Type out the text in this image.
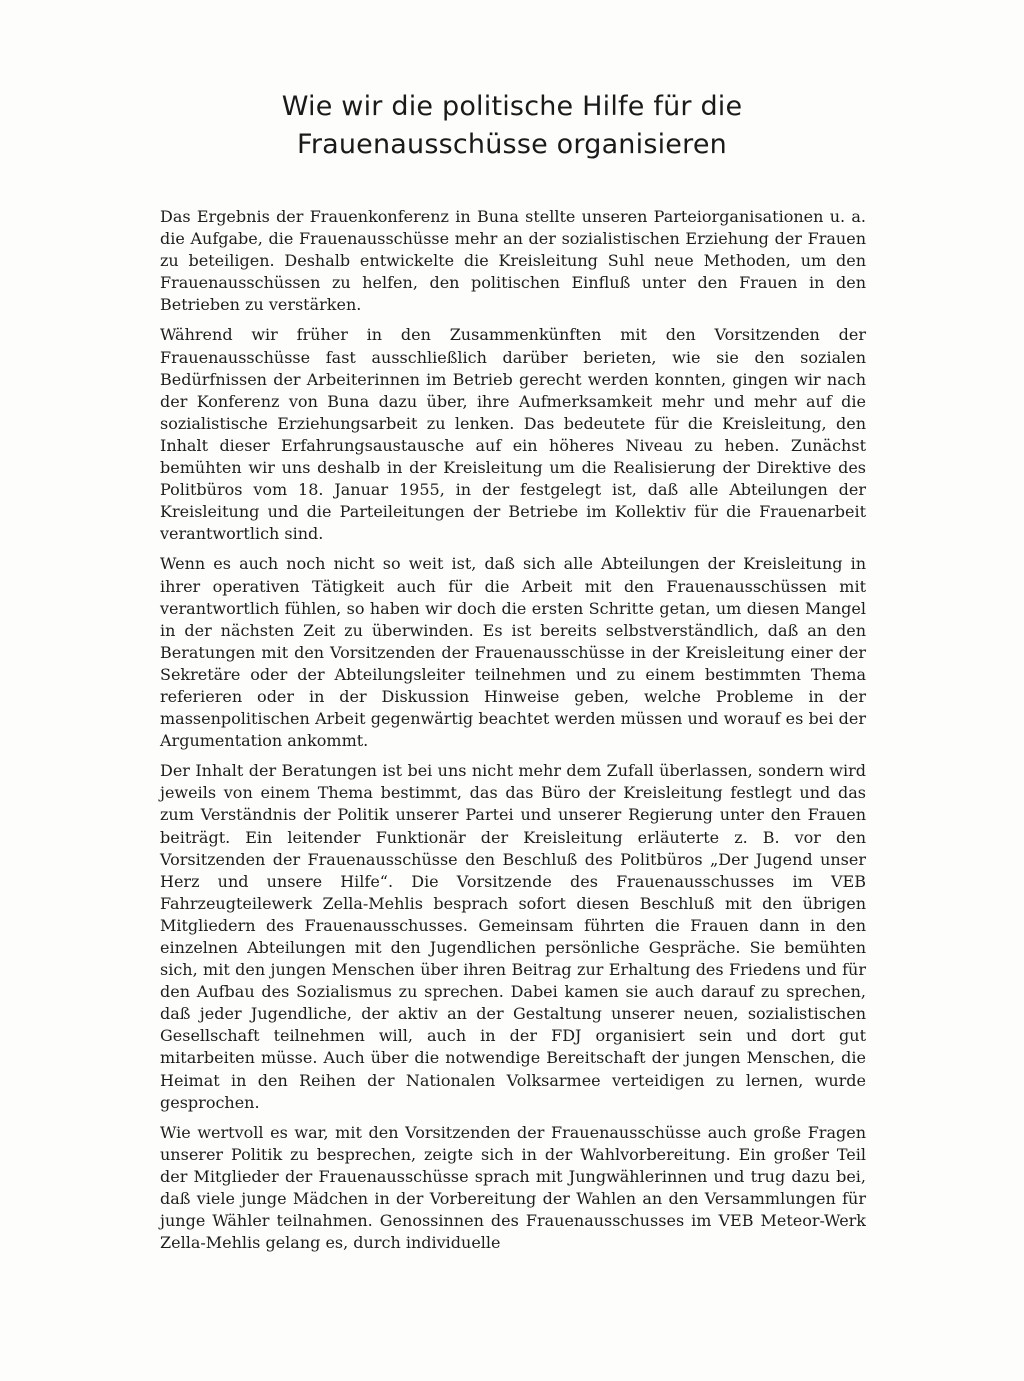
Wie wir die politische Hilfe für die
Frauenausschüsse organisieren

Das Ergebnis der Frauenkonferenz in Buna stellte unseren Parteiorganisationen u. a. die Aufgabe, die Frauenausschüsse mehr an der sozialistischen Erziehung der Frauen zu beteiligen. Deshalb entwickelte die Kreisleitung Suhl neue Methoden, um den Frauenausschüssen zu helfen, den politischen Einfluß unter den Frauen in den Betrieben zu verstärken.

Während wir früher in den Zusammenkünften mit den Vorsitzenden der Frauenausschüsse fast ausschließlich darüber berieten, wie sie den sozialen Bedürfnissen der Arbeiterinnen im Betrieb gerecht werden konnten, gingen wir nach der Konferenz von Buna dazu über, ihre Aufmerksamkeit mehr und mehr auf die sozialistische Erziehungsarbeit zu lenken. Das bedeutete für die Kreisleitung, den Inhalt dieser Erfahrungsaustausche auf ein höheres Niveau zu heben. Zunächst bemühten wir uns deshalb in der Kreisleitung um die Realisierung der Direktive des Politbüros vom 18. Januar 1955, in der festgelegt ist, daß alle Abteilungen der Kreisleitung und die Parteileitungen der Betriebe im Kollektiv für die Frauenarbeit verantwortlich sind.

Wenn es auch noch nicht so weit ist, daß sich alle Abteilungen der Kreisleitung in ihrer operativen Tätigkeit auch für die Arbeit mit den Frauenausschüssen mit verantwortlich fühlen, so haben wir doch die ersten Schritte getan, um diesen Mangel in der nächsten Zeit zu überwinden. Es ist bereits selbstverständlich, daß an den Beratungen mit den Vorsitzenden der Frauenausschüsse in der Kreisleitung einer der Sekretäre oder der Abteilungsleiter teilnehmen und zu einem bestimmten Thema referieren oder in der Diskussion Hinweise geben, welche Probleme in der massenpolitischen Arbeit gegenwärtig beachtet werden müssen und worauf es bei der Argumentation ankommt.

Der Inhalt der Beratungen ist bei uns nicht mehr dem Zufall überlassen, sondern wird jeweils von einem Thema bestimmt, das das Büro der Kreisleitung festlegt und das zum Verständnis der Politik unserer Partei und unserer Regierung unter den Frauen beiträgt. Ein leitender Funktionär der Kreisleitung erläuterte z. B. vor den Vorsitzenden der Frauenausschüsse den Beschluß des Politbüros „Der Jugend unser Herz und unsere Hilfe“. Die Vorsitzende des Frauenausschusses im VEB Fahrzeugteilewerk Zella-Mehlis besprach sofort diesen Beschluß mit den übrigen Mitgliedern des Frauenausschusses. Gemeinsam führten die Frauen dann in den einzelnen Abteilungen mit den Jugendlichen persönliche Gespräche. Sie bemühten sich, mit den jungen Menschen über ihren Beitrag zur Erhaltung des Friedens und für den Aufbau des Sozialismus zu sprechen. Dabei kamen sie auch darauf zu sprechen, daß jeder Jugendliche, der aktiv an der Gestaltung unserer neuen, sozialistischen Gesellschaft teilnehmen will, auch in der FDJ organisiert sein und dort gut mitarbeiten müsse. Auch über die notwendige Bereitschaft der jungen Menschen, die Heimat in den Reihen der Nationalen Volksarmee verteidigen zu lernen, wurde gesprochen.

Wie wertvoll es war, mit den Vorsitzenden der Frauenausschüsse auch große Fragen unserer Politik zu besprechen, zeigte sich in der Wahlvorbereitung. Ein großer Teil der Mitglieder der Frauenausschüsse sprach mit Jungwählerinnen und trug dazu bei, daß viele junge Mädchen in der Vorbereitung der Wahlen an den Versammlungen für junge Wähler teilnahmen. Genossinnen des Frauenausschusses im VEB Meteor-Werk Zella-Mehlis gelang es, durch individuelle
